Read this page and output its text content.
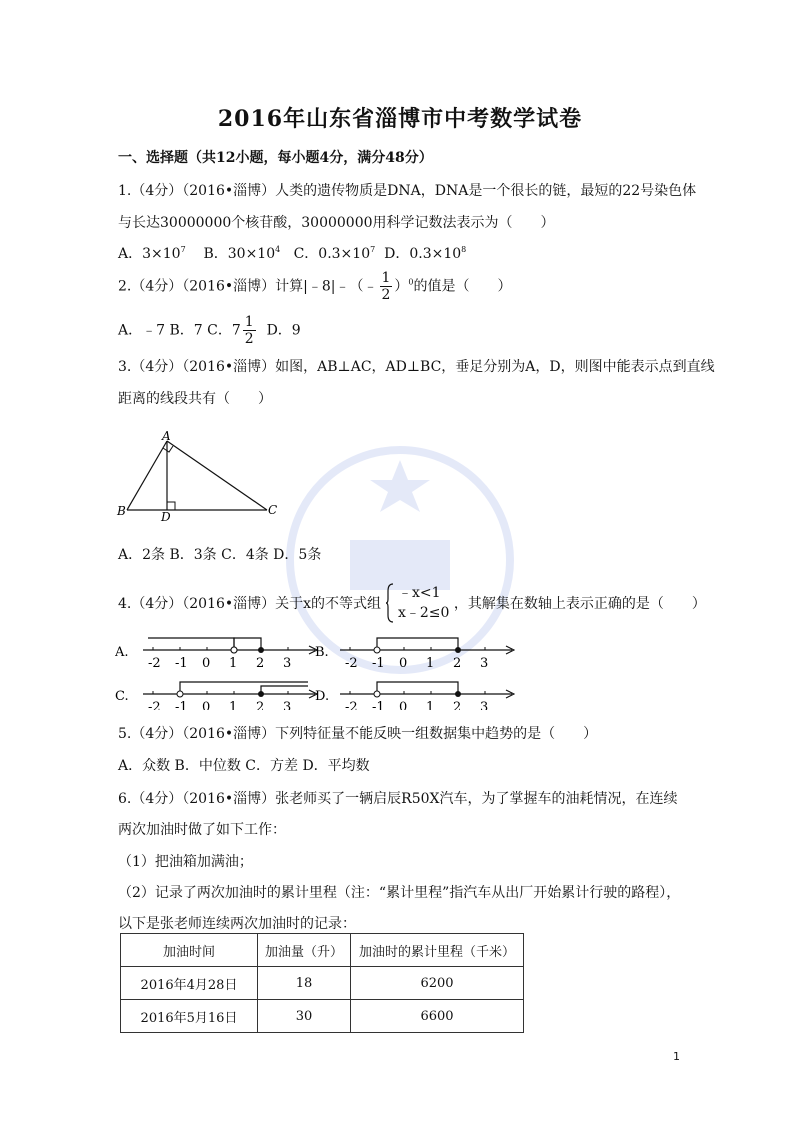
2016年山东省淄博市中考数学试卷
一、选择题（共12小题，每小题4分，满分48分）
1.（4分）（2016•淄博）人类的遗传物质是DNA，DNA是一个很长的链，最短的22号染色体
与长达30000000个核苷酸，30000000用科学记数法表示为（　　）
A．$3\times 10^7$ B．$30\times 10^4$ C．$0.3\times 10^7$ D．$0.3\times 10^8$
2.（4分）（2016•淄博）计算|﹣8|﹣（﹣ $\frac{1}{2} )^0$的值是（　　）
A．﹣7 B．7 C．$7 \frac{1}{2}$ D．9
3.（4分）（2016•淄博）如图，AB⊥AC，AD⊥BC，垂足分别为A，D，则图中能表示点到直线
距离的线段共有（　　）
A
B	D	C
A．2条 B．3条 C．4条 D．5条
4.（4分）（2016•淄博）关于x的不等式组
﹣x<1
x﹣2≤0
，其解集在数轴上表示正确的是（　　）
A.
-2 -1 0 1 2 3
B.
-2 -1 0 1 2 3
C.
-2 -1 0 1 2 3
D.
-2 -1 0 1 2 3
5.（4分）（2016•淄博）下列特征量不能反映一组数据集中趋势的是（　　）
A．众数 B．中位数 C．方差 D．平均数
6.（4分）（2016•淄博）张老师买了一辆启辰R50X汽车，为了掌握车的油耗情况，在连续
两次加油时做了如下工作：
（1）把油箱加满油；
（2）记录了两次加油时的累计里程（注：“累计里程”指汽车从出厂开始累计行驶的路程），
以下是张老师连续两次加油时的记录：
加油时间	加油量（升）	加油时的累计里程（千米）
2016年4月28日	18	6200
2016年5月16日	30	6600
1
